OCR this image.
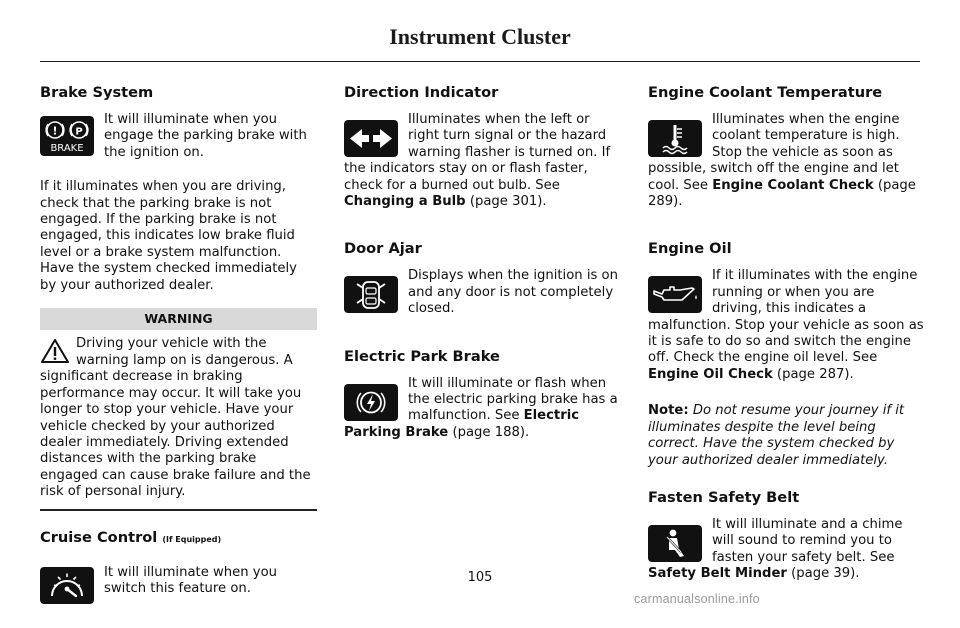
Instrument Cluster
Brake System
! P
BRAKE

It will illuminate when you engage the parking brake with the ignition on.

If it illuminates when you are driving, check that the parking brake is not engaged. If the parking brake is not engaged, this indicates low brake fluid level or a brake system malfunction. Have the system checked immediately by your authorized dealer.

WARNING
Driving your vehicle with the warning lamp on is dangerous. A significant decrease in braking performance may occur. It will take you longer to stop your vehicle. Have your vehicle checked by your authorized dealer immediately. Driving extended distances with the parking brake engaged can cause brake failure and the risk of personal injury.
Cruise Control (If Equipped)

It will illuminate when you switch this feature on.

Direction Indicator

Illuminates when the left or right turn signal or the hazard warning flasher is turned on. If the indicators stay on or flash faster, check for a burned out bulb. See Changing a Bulb (page 301).

Door Ajar

Displays when the ignition is on and any door is not completely closed.

Electric Park Brake

It will illuminate or flash when the electric parking brake has a malfunction. See Electric Parking Brake (page 188).

Engine Coolant Temperature

Illuminates when the engine coolant temperature is high. Stop the vehicle as soon as possible, switch off the engine and let cool. See Engine Coolant Check (page 289).

Engine Oil

If it illuminates with the engine running or when you are driving, this indicates a malfunction. Stop your vehicle as soon as it is safe to do so and switch the engine off. Check the engine oil level. See Engine Oil Check (page 287).

Note: Do not resume your journey if it illuminates despite the level being correct. Have the system checked by your authorized dealer immediately.

Fasten Safety Belt

It will illuminate and a chime will sound to remind you to fasten your safety belt. See Safety Belt Minder (page 39).

105
carmanualsonline.info
